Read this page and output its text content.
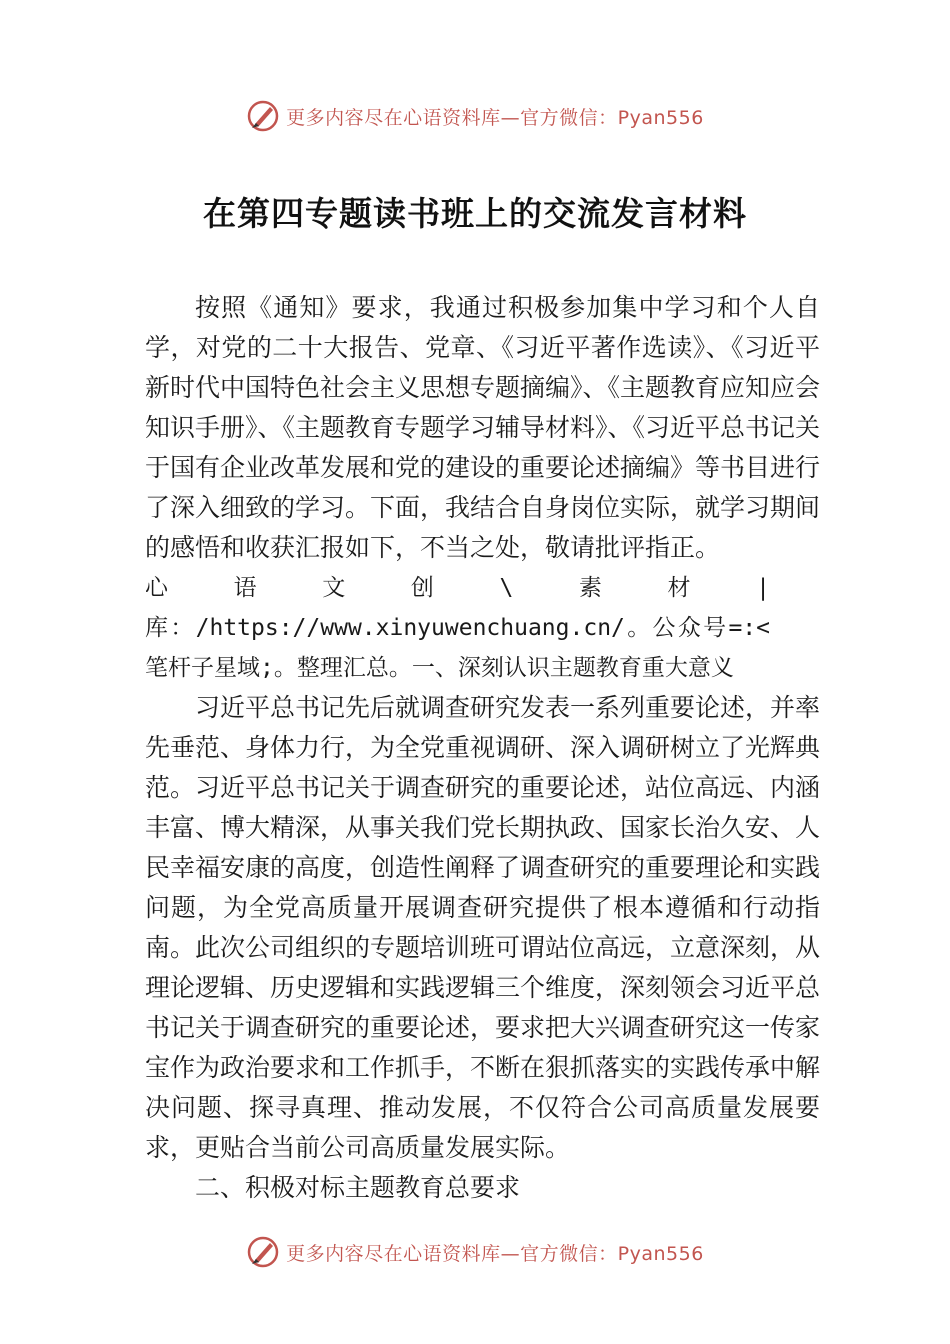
更多内容尽在心语资料库—官方微信：Pyan556
在第四专题读书班上的交流发言材料

按照《通知》要求，我通过积极参加集中学习和个人自学，对党的二十大报告、党章、《习近平著作选读》、《习近平新时代中国特色社会主义思想专题摘编》、《主题教育应知应会知识手册》、《主题教育专题学习辅导材料》、《习近平总书记关于国有企业改革发展和党的建设的重要论述摘编》等书目进行了深入细致的学习。下面，我结合自身岗位实际，就学习期间的感悟和收获汇报如下，不当之处，敬请批评指正。

心语文创\素材|库：/https://www.xinyuwenchuang.cn/。公众号=:<笔杆子星域;。整理汇总。一、深刻认识主题教育重大意义

习近平总书记先后就调查研究发表一系列重要论述，并率先垂范、身体力行，为全党重视调研、深入调研树立了光辉典范。习近平总书记关于调查研究的重要论述，站位高远、内涵丰富、博大精深，从事关我们党长期执政、国家长治久安、人民幸福安康的高度，创造性阐释了调查研究的重要理论和实践问题，为全党高质量开展调查研究提供了根本遵循和行动指南。此次公司组织的专题培训班可谓站位高远，立意深刻，从理论逻辑、历史逻辑和实践逻辑三个维度，深刻领会习近平总书记关于调查研究的重要论述，要求把大兴调查研究这一传家宝作为政治要求和工作抓手，不断在狠抓落实的实践传承中解决问题、探寻真理、推动发展，不仅符合公司高质量发展要求，更贴合当前公司高质量发展实际。

二、积极对标主题教育总要求

更多内容尽在心语资料库—官方微信：Pyan556
